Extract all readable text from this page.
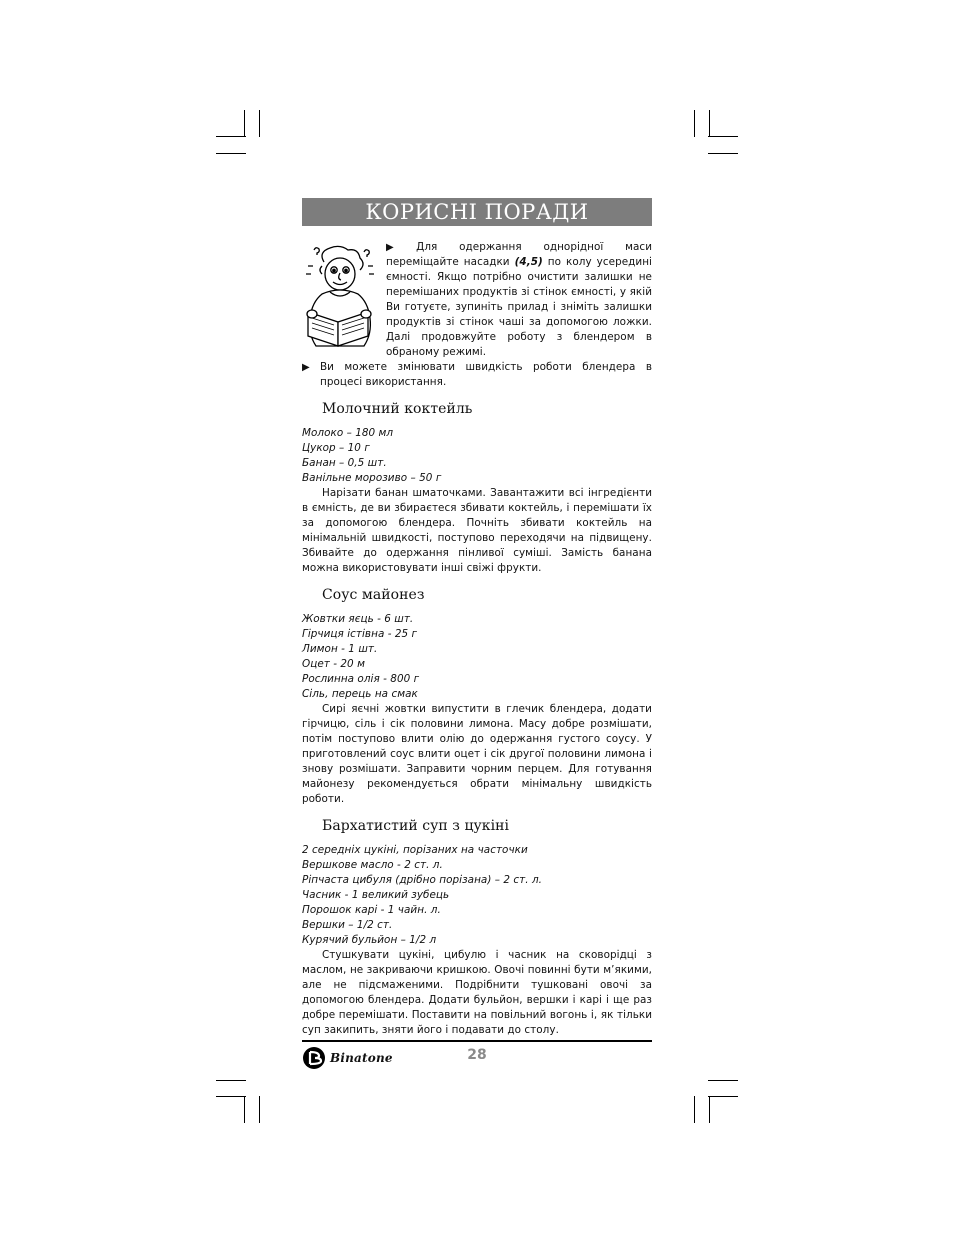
КОРИСНІ ПОРАДИ

▶ Для одержання однорідної маси переміщайте насадки (4,5) по колу усередині ємності. Якщо потрібно очистити залишки не перемішаних продуктів зі стінок ємності, у якій Ви готуєте, зупиніть прилад і зніміть залишки продуктів зі стінок чаші за допомогою ложки. Далі продовжуйте роботу з блендером в обраному режимі.

▶ Ви можете змінювати швидкість роботи блендера в процесі використання.

Молочний коктейль
Молоко – 180 мл
Цукор – 10 г
Банан – 0,5 шт.
Ванільне морозиво – 50 г

Нарізати банан шматочками. Завантажити всі інгредієнти в ємність, де ви збираєтеся збивати коктейль, і перемішати їх за допомогою блендера. Почніть збивати коктейль на мінімальній швидкості, поступово переходячи на підвищену. Збивайте до одержання пінливої суміші. Замість банана можна використовувати інші свіжі фрукти.

Соус майонез
Жовтки яєць - 6 шт.
Гірчиця істівна - 25 г
Лимон - 1 шт.
Оцет - 20 м
Рослинна олія - 800 г
Сіль, перець на смак

Сирі яєчні жовтки випустити в глечик блендера, додати гірчицю, сіль і сік половини лимона. Масу добре розмішати, потім поступово влити олію до одержання густого соусу. У приготовлений соус влити оцет і сік другої половини лимона і знову розмішати. Заправити чорним перцем. Для готування майонезу рекомендується обрати мінімальну швидкість роботи.

Бархатистий суп з цукіні
2 середніх цукіні, порізаних на часточки
Вершкове масло - 2 ст. л.
Ріпчаста цибуля (дрібно порізана) – 2 ст. л.
Часник - 1 великий зубець
Порошок карі - 1 чайн. л.
Вершки – 1/2 ст.
Курячий бульйон – 1/2 л

Стушкувати цукіні, цибулю і часник на сковорідці з маслом, не закриваючи кришкою. Овочі повинні бути м’якими, але не підсмаженими. Подрібнити тушковані овочі за допомогою блендера. Додати бульйон, вершки і карі і ще раз добре перемішати. Поставити на повільний вогонь і, як тільки суп закипить, зняти його і подавати до столу.

Binatone	28
